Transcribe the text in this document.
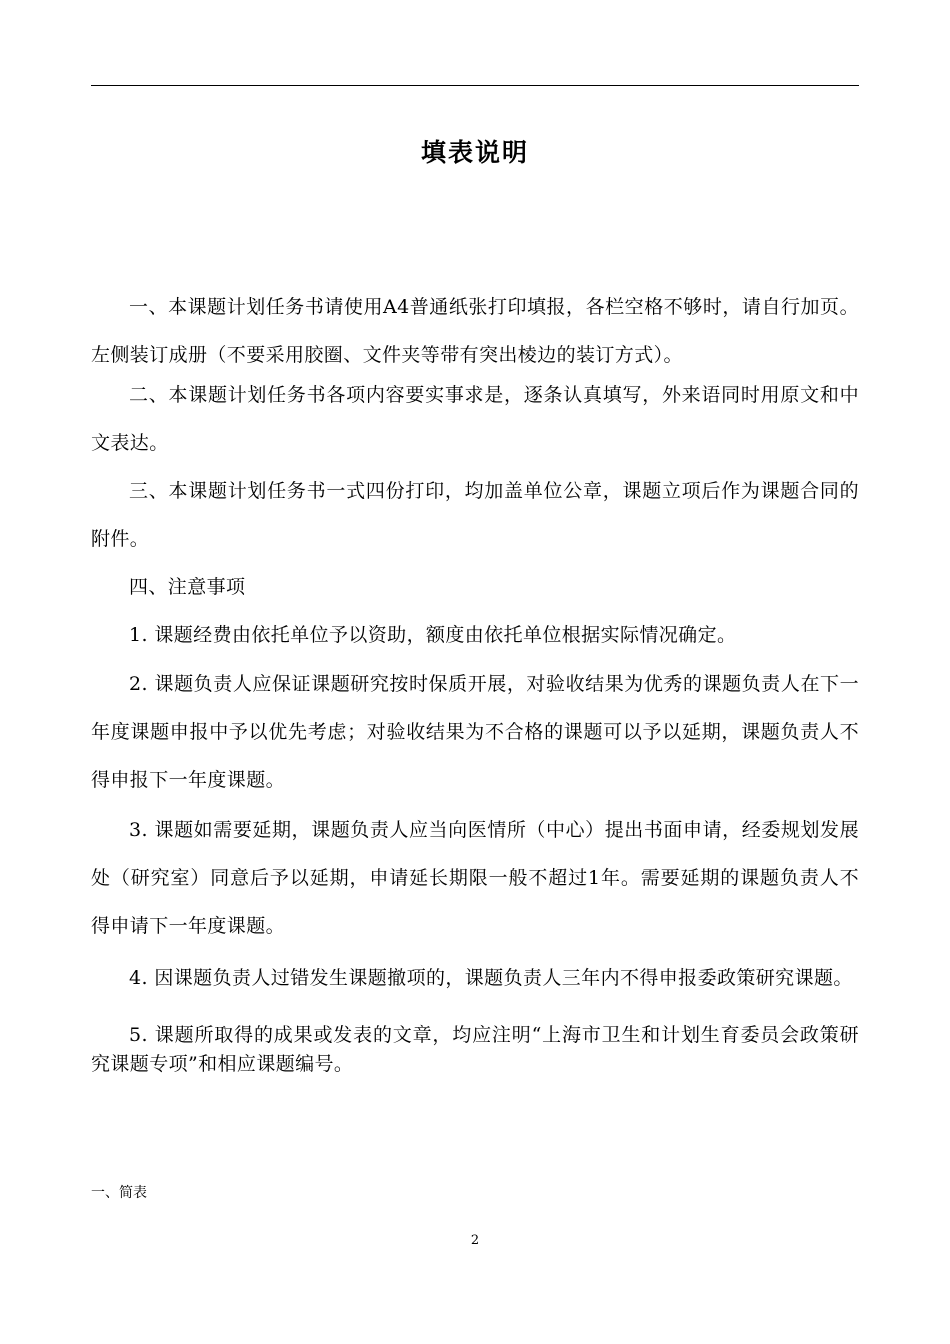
填表说明
一、本课题计划任务书请使用A4普通纸张打印填报，各栏空格不够时，请自行加页。左侧装订成册（不要采用胶圈、文件夹等带有突出棱边的装订方式）。
二、本课题计划任务书各项内容要实事求是，逐条认真填写，外来语同时用原文和中文表达。
三、本课题计划任务书一式四份打印，均加盖单位公章，课题立项后作为课题合同的附件。
四、注意事项
1. 课题经费由依托单位予以资助，额度由依托单位根据实际情况确定。
2. 课题负责人应保证课题研究按时保质开展，对验收结果为优秀的课题负责人在下一年度课题申报中予以优先考虑；对验收结果为不合格的课题可以予以延期，课题负责人不得申报下一年度课题。
3. 课题如需要延期，课题负责人应当向医情所（中心）提出书面申请，经委规划发展处（研究室）同意后予以延期，申请延长期限一般不超过1年。需要延期的课题负责人不得申请下一年度课题。
4. 因课题负责人过错发生课题撤项的，课题负责人三年内不得申报委政策研究课题。
5. 课题所取得的成果或发表的文章，均应注明“上海市卫生和计划生育委员会政策研究课题专项”和相应课题编号。
一、简表
2
